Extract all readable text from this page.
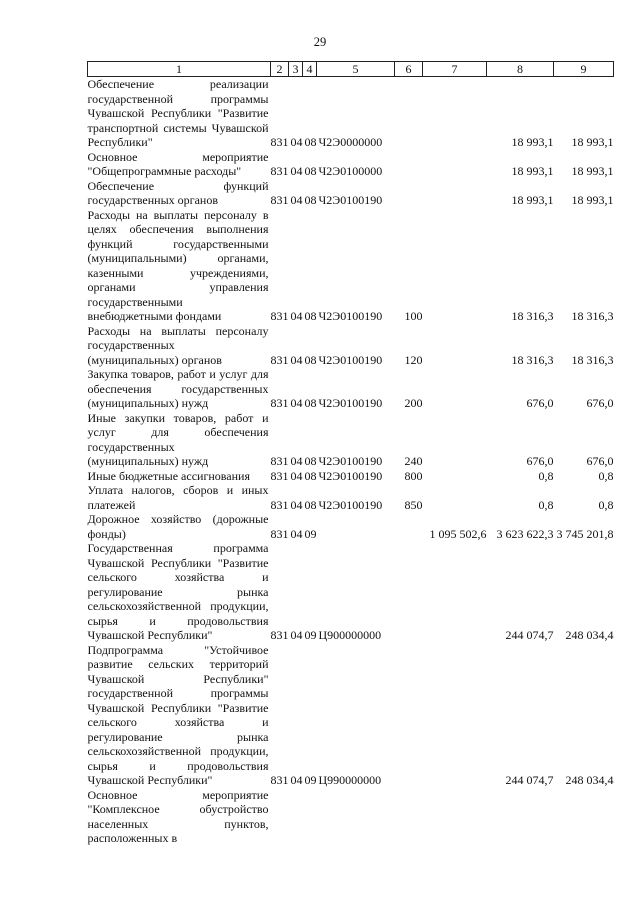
29
1	2	3	4	5	6	7	8	9
Обеспечение реализации государственной программы Чувашской Республики "Развитие транспортной системы Чувашской Республики"	831	04	08	Ч2Э0000000			18 993,1	18 993,1
Основное мероприятие "Общепрограммные расходы"	831	04	08	Ч2Э0100000			18 993,1	18 993,1
Обеспечение функций государственных органов	831	04	08	Ч2Э0100190			18 993,1	18 993,1
Расходы на выплаты персоналу в целях обеспечения выполнения функций государственными (муниципальными) органами, казенными учреждениями, органами управления государственными внебюджетными фондами	831	04	08	Ч2Э0100190	100		18 316,3	18 316,3
Расходы на выплаты персоналу государственных (муниципальных) органов	831	04	08	Ч2Э0100190	120		18 316,3	18 316,3
Закупка товаров, работ и услуг для обеспечения государственных (муниципальных) нужд	831	04	08	Ч2Э0100190	200		676,0	676,0
Иные закупки товаров, работ и услуг для обеспечения государственных (муниципальных) нужд	831	04	08	Ч2Э0100190	240		676,0	676,0
Иные бюджетные ассигнования	831	04	08	Ч2Э0100190	800		0,8	0,8
Уплата налогов, сборов и иных платежей	831	04	08	Ч2Э0100190	850		0,8	0,8
Дорожное хозяйство (дорожные фонды)	831	04	09			1 095 502,6	3 623 622,3	3 745 201,8
Государственная программа Чувашской Республики "Развитие сельского хозяйства и регулирование рынка сельскохозяйственной продукции, сырья и продовольствия Чувашской Республики"	831	04	09	Ц900000000			244 074,7	248 034,4
Подпрограмма "Устойчивое развитие сельских территорий Чувашской Республики" государственной программы Чувашской Республики "Развитие сельского хозяйства и регулирование рынка сельскохозяйственной продукции, сырья и продовольствия Чувашской Республики"	831	04	09	Ц990000000			244 074,7	248 034,4
Основное мероприятие "Комплексное обустройство населенных пунктов, расположенных в								
